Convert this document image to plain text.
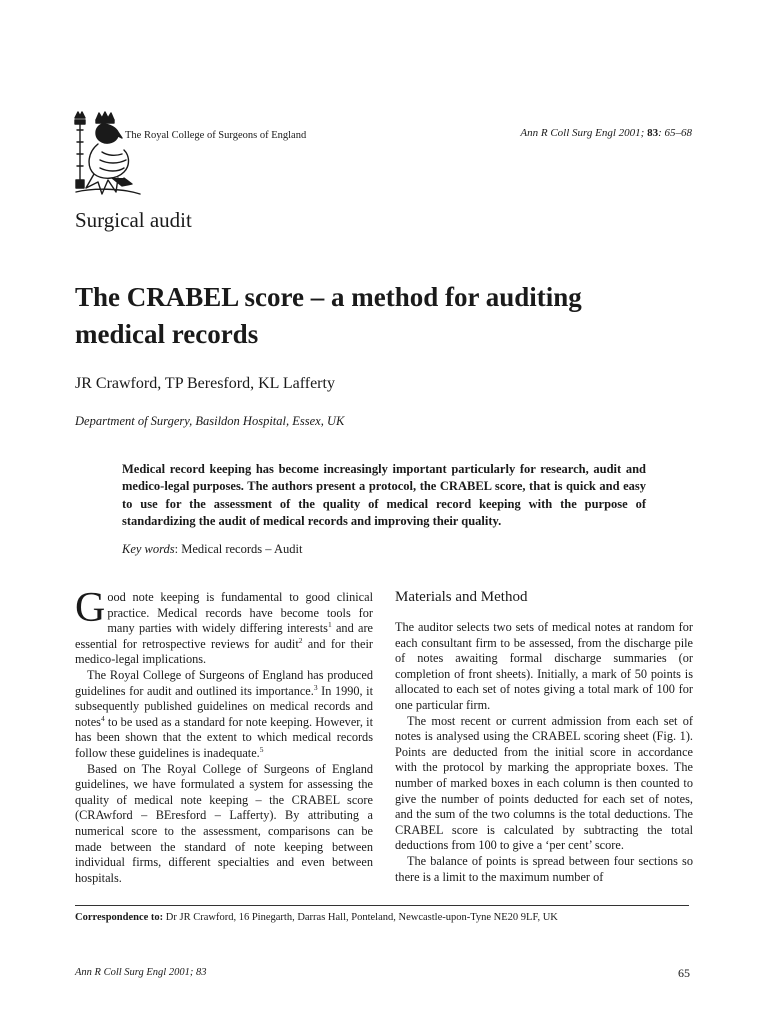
The Royal College of Surgeons of England	Ann R Coll Surg Engl 2001; 83: 65–68
Surgical audit
The CRABEL score – a method for auditing
medical records
JR Crawford, TP Beresford, KL Lafferty
Department of Surgery, Basildon Hospital, Essex, UK
Medical record keeping has become increasingly important particularly for research, audit and medico-legal purposes. The authors present a protocol, the CRABEL score, that is quick and easy to use for the assessment of the quality of medical record keeping with the purpose of standardizing the audit of medical records and improving their quality.
Key words: Medical records – Audit

Good note keeping is fundamental to good clinical practice. Medical records have become tools for many parties with widely differing interests$^1$ and are essential for retrospective reviews for audit$^2$ and for their medico-legal implications.

The Royal College of Surgeons of England has produced guidelines for audit and outlined its importance.$^3$ In 1990, it subsequently published guidelines on medical records and notes$^4$ to be used as a standard for note keeping. However, it has been shown that the extent to which medical records follow these guidelines is inadequate.$^5$

Based on The Royal College of Surgeons of England guidelines, we have formulated a system for assessing the quality of medical note keeping – the CRABEL score (CRAwford – BEresford – Lafferty). By attributing a numerical score to the assessment, comparisons can be made between the standard of note keeping between individual firms, different specialties and even between hospitals.

Materials and Method

The auditor selects two sets of medical notes at random for each consultant firm to be assessed, from the discharge pile of notes awaiting formal discharge summaries (or completion of front sheets). Initially, a mark of 50 points is allocated to each set of notes giving a total mark of 100 for one particular firm.

The most recent or current admission from each set of notes is analysed using the CRABEL scoring sheet (Fig. 1). Points are deducted from the initial score in accordance with the protocol by marking the appropriate boxes. The number of marked boxes in each column is then counted to give the number of points deducted for each set of notes, and the sum of the two columns is the total deductions. The CRABEL score is calculated by subtracting the total deductions from 100 to give a ‘per cent’ score.

The balance of points is spread between four sections so there is a limit to the maximum number of

Correspondence to: Dr JR Crawford, 16 Pinegarth, Darras Hall, Ponteland, Newcastle-upon-Tyne NE20 9LF, UK
Ann R Coll Surg Engl 2001; 83	65
